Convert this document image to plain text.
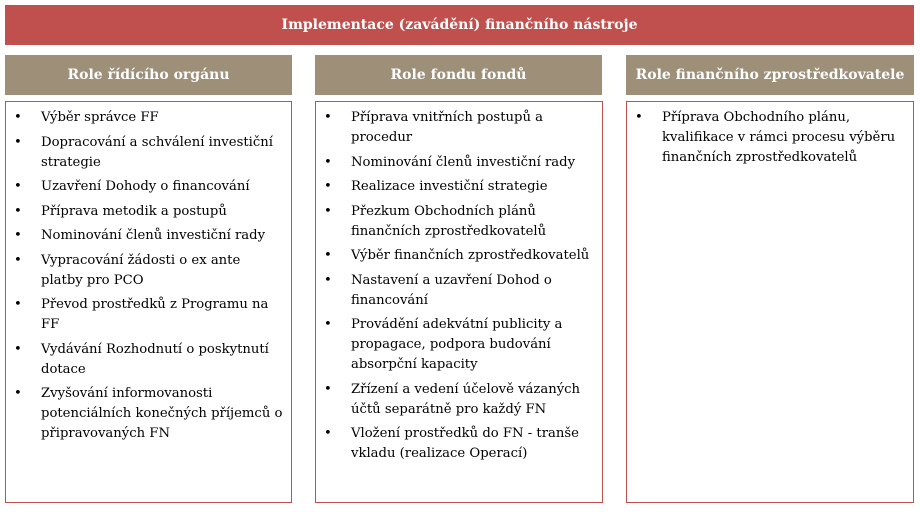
Implementace (zavádění) finančního nástroje
Role řídícího orgánu	Role fondu fondů	Role finančního zprostředkovatele
•	Výběr správce FF
•	Dopracování a schválení investiční strategie
•	Uzavření Dohody o financování
•	Příprava metodik a postupů
•	Nominování členů investiční rady
•	Vypracování žádosti o ex ante platby pro PCO
•	Převod prostředků z Programu na FF
•	Vydávání Rozhodnutí o poskytnutí dotace
•	Zvyšování informovanosti potenciálních konečných příjemců o připravovaných FN
•	Příprava vnitřních postupů a procedur
•	Nominování členů investiční rady
•	Realizace investiční strategie
•	Přezkum Obchodních plánů finančních zprostředkovatelů
•	Výběr finančních zprostředkovatelů
•	Nastavení a uzavření Dohod o financování
•	Provádění adekvátní publicity a propagace, podpora budování absorpční kapacity
•	Zřízení a vedení účelově vázaných účtů separátně pro každý FN
•	Vložení prostředků do FN - tranše vkladu (realizace Operací)
•	Příprava Obchodního plánu, kvalifikace v rámci procesu výběru finančních zprostředkovatelů
